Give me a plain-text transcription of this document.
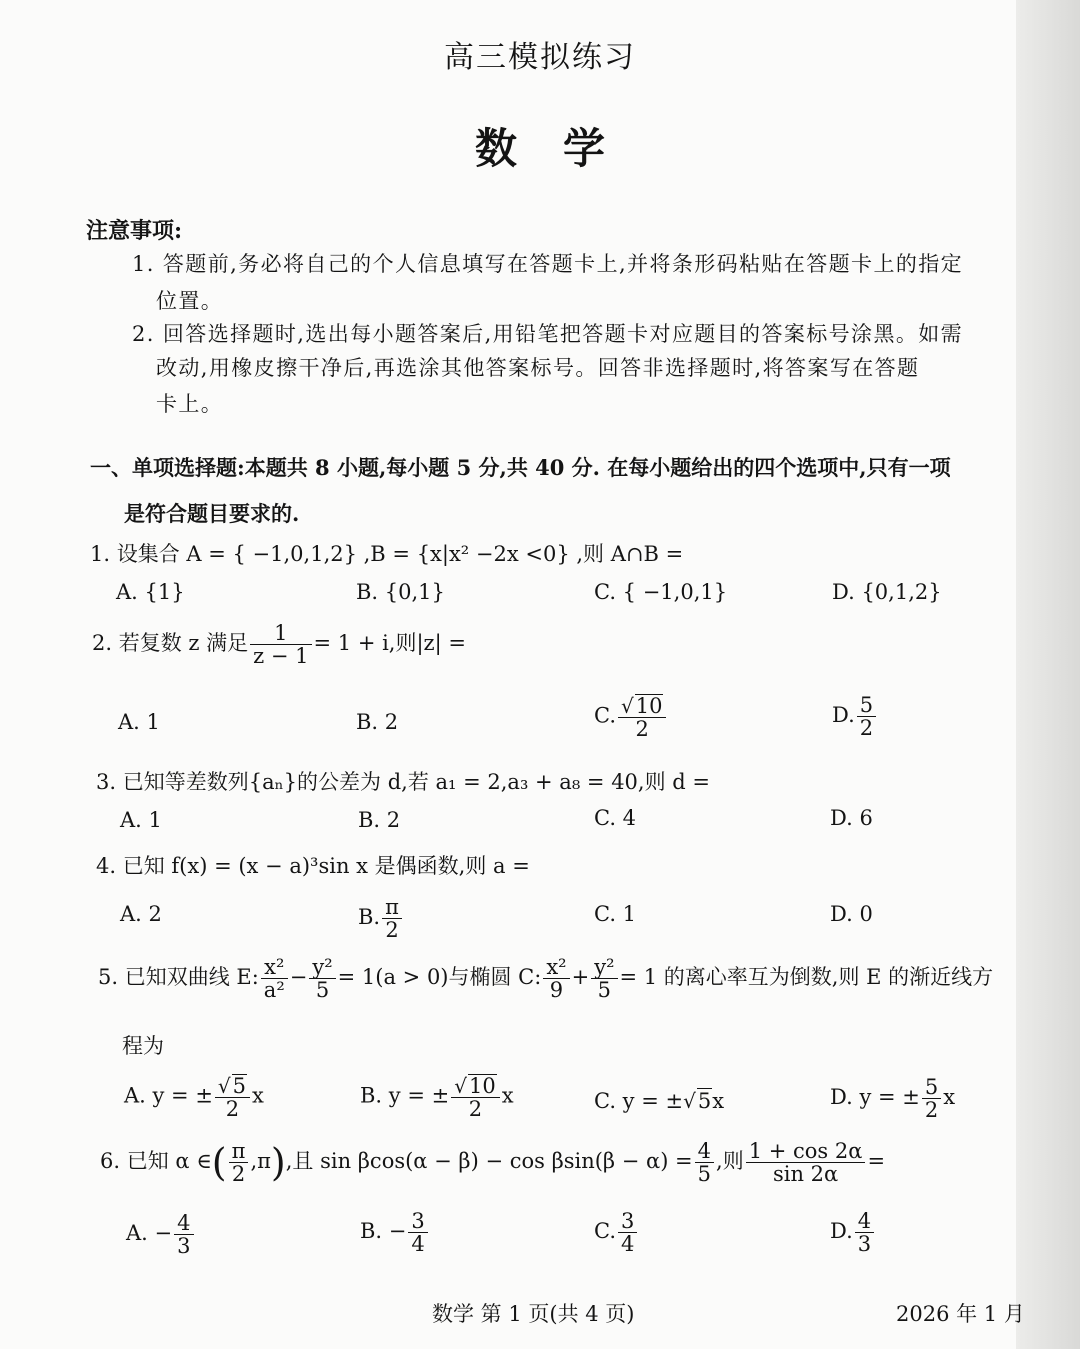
高三模拟练习
数学
注意事项:
1. 答题前,务必将自己的个人信息填写在答题卡上,并将条形码粘贴在答题卡上的指定
位置。
2. 回答选择题时,选出每小题答案后,用铅笔把答题卡对应题目的答案标号涂黑。如需
改动,用橡皮擦干净后,再选涂其他答案标号。回答非选择题时,将答案写在答题
卡上。
一、单项选择题:本题共 8 小题,每小题 5 分,共 40 分. 在每小题给出的四个选项中,只有一项
是符合题目要求的.
1. 设集合 A = { −1,0,1,2} ,B = {x|x² −2x <0} ,则 A∩B =
A. {1}	B. {0,1}	C. { −1,0,1}	D. {0,1,2}
2. 若复数 z 满足 $\frac{1}{z - 1} = 1 + i$,则|z| =
A. 1	B. 2	C. $\frac{√10}{2}$	D. $\frac{5}{2}$
3. 已知等差数列{aₙ}的公差为 d,若 a₁ = 2,a₃ + a₈ = 40,则 d =
A. 1	B. 2	C. 4	D. 6
4. 已知 f(x) = (x − a)³sin x 是偶函数,则 a =
A. 2	B. $\frac{\pi}{2}$	C. 1	D. 0
5. 已知双曲线 E: $\frac{\text{x²}}{\text{a²}} - \frac{\text{y²}}{5} = 1(a > 0)$与椭圆 C: $\frac{\text{x²}}{9} + \frac{\text{y²}}{5} = 1$ 的离心率互为倒数,则 E 的渐近线方
程为
A. y = ± $\frac{√5}{2}$ x	B. y = ± $\frac{√10}{2}$ x	C. y = ±√5x	D. y = ± $\frac{5}{2}$ x
6. 已知 α ∈( $\frac{\pi}{2} ,\pi$),且 $\sin \beta\cos(\alpha - \beta) - \cos \beta\sin(\beta - \alpha) = \frac{4}{5}$ ,则 $\frac{1 + \cos 2\alpha}{\sin 2\alpha}$ =
A. − $\frac{4}{3}$	B. − $\frac{3}{4}$	C. $\frac{3}{4}$	D. $\frac{4}{3}$
数学 第 1 页(共 4 页)	2026 年 1 月
